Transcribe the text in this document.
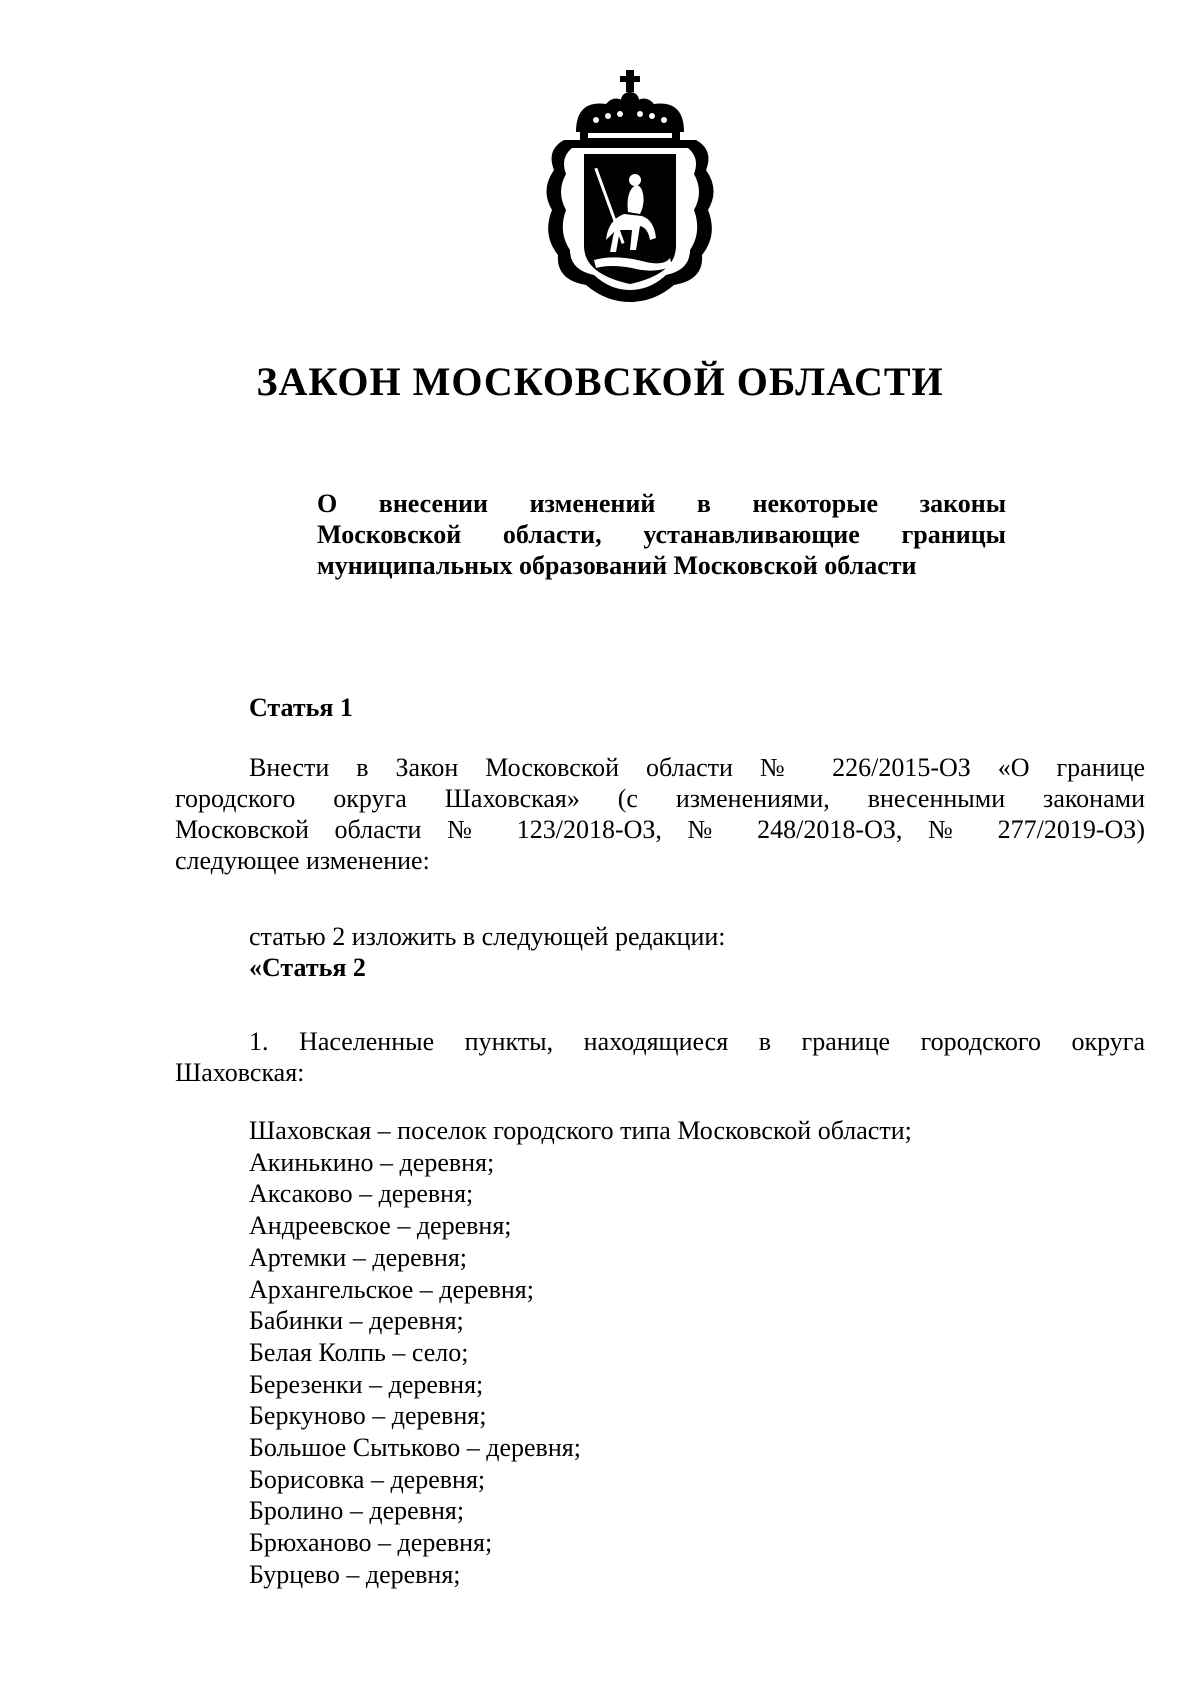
ЗАКОН МОСКОВСКОЙ ОБЛАСТИ
О внесении изменений в некоторые законы
Московской области, устанавливающие границы
муниципальных образований Московской области
Статья 1
Внести в Закон Московской области № 226/2015-ОЗ «О границе
городского округа Шаховская» (с изменениями, внесенными законами
Московской области № 123/2018-ОЗ, № 248/2018-ОЗ, № 277/2019-ОЗ)
следующее изменение:
статью 2 изложить в следующей редакции:
«Статья 2
1. Населенные пункты, находящиеся в границе городского округа
Шаховская:
Шаховская – поселок городского типа Московской области;
Акинькино – деревня;
Аксаково – деревня;
Андреевское – деревня;
Артемки – деревня;
Архангельское – деревня;
Бабинки – деревня;
Белая Колпь – село;
Березенки – деревня;
Беркуново – деревня;
Большое Сытьково – деревня;
Борисовка – деревня;
Бролино – деревня;
Брюханово – деревня;
Бурцево – деревня;
